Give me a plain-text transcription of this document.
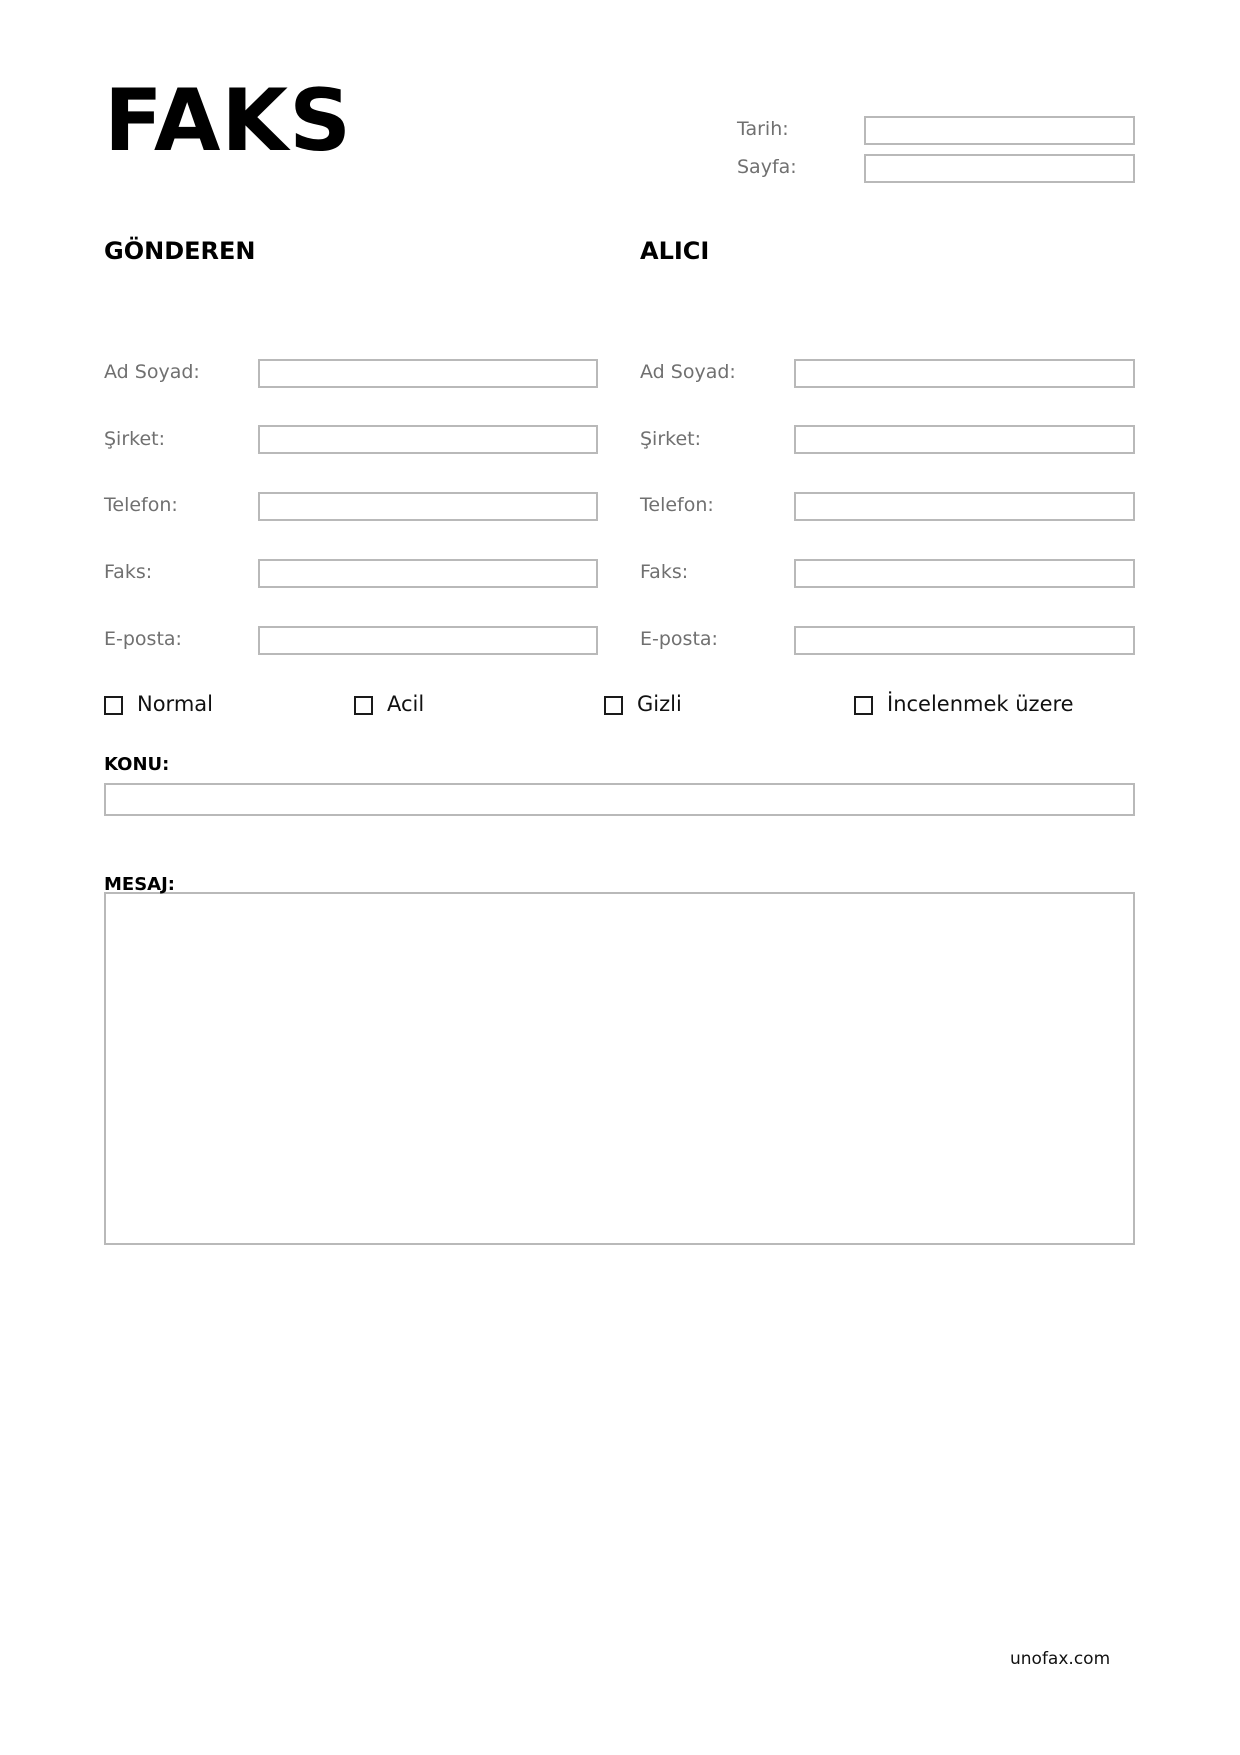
FAKS	Tarih:
Sayfa:
GÖNDEREN	ALICI
Ad Soyad:
Şirket:
Telefon:
Faks:
E-posta:
Ad Soyad:
Şirket:
Telefon:
Faks:
E-posta:
Normal	Acil	Gizli	İncelenmek üzere
KONU:
MESAJ:
unofax.com
